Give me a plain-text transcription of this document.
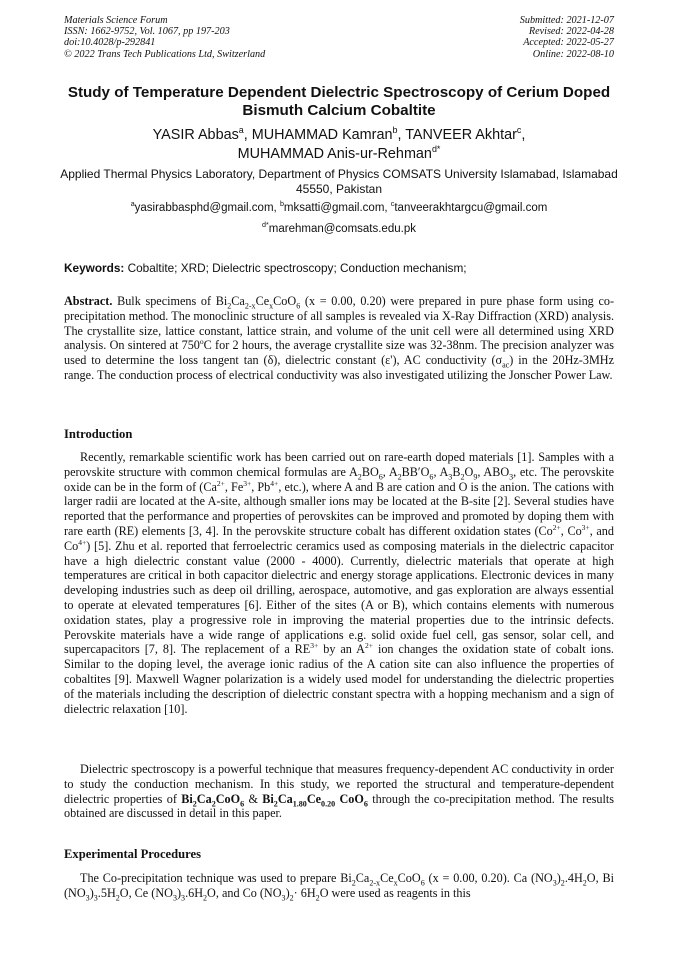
Materials Science Forum
ISSN: 1662-9752, Vol. 1067, pp 197-203
doi:10.4028/p-292841
© 2022 Trans Tech Publications Ltd, Switzerland
Submitted: 2021-12-07
Revised: 2022-04-28
Accepted: 2022-05-27
Online: 2022-08-10
Study of Temperature Dependent Dielectric Spectroscopy of Cerium Doped Bismuth Calcium Cobaltite
YASIR Abbas$^a$, MUHAMMAD Kamran$^b$, TANVEER Akhtar$^c$,
MUHAMMAD Anis-ur-Rehman$^{d*}$
Applied Thermal Physics Laboratory, Department of Physics COMSATS University Islamabad, Islamabad 45550, Pakistan
$^a$yasirabbasphd@gmail.com, $^b$mksatti@gmail.com, $^c$tanveerakhtargcu@gmail.com
$^{d*}$marehman@comsats.edu.pk
Keywords: Cobaltite; XRD; Dielectric spectroscopy; Conduction mechanism;
Abstract. Bulk specimens of $Bi_2Ca_{2-x}Ce_xCoO_6$ (x = 0.00, 0.20) were prepared in pure phase form using co-precipitation method. The monoclinic structure of all samples is revealed via X-Ray Diffraction (XRD) analysis. The crystallite size, lattice constant, lattice strain, and volume of the unit cell were all determined using XRD analysis. On sintered at 750$^o$C for 2 hours, the average crystallite size was 32-38nm. The precision analyzer was used to determine the loss tangent tan (δ), dielectric constant (ε'), AC conductivity $(\sigma_{ac})$ in the 20Hz-3MHz range. The conduction process of electrical conductivity was also investigated utilizing the Jonscher Power Law.
Introduction
Recently, remarkable scientific work has been carried out on rare-earth doped materials [1]. Samples with a perovskite structure with common chemical formulas are $A_2BO_6$, $A_2BB'O_6$, $A_3B_2O_9$, $ABO_3$, etc. The perovskite oxide can be in the form of ($Ca^{2+}$, $Fe^{3+}$, $Pb^{4+}$, etc.), where A and B are cation and O is the anion. The cations with larger radii are located at the A-site, although smaller ions may be located at the B-site [2]. Several studies have reported that the performance and properties of perovskites can be improved and promoted by doping them with rare earth (RE) elements [3, 4]. In the perovskite structure cobalt has different oxidation states ($Co^{2+}$, $Co^{3+}$, and $Co^{4+}$) [5]. Zhu et al. reported that ferroelectric ceramics used as composing materials in the dielectric capacitor have a high dielectric constant value (2000 - 4000). Currently, dielectric materials that operate at high temperatures are critical in both capacitor dielectric and energy storage applications. Electronic devices in many developing industries such as deep oil drilling, aerospace, automotive, and gas exploration are always essential to operate at elevated temperatures [6]. Either of the sites (A or B), which contains elements with numerous oxidation states, play a progressive role in improving the material properties due to the intrinsic defects. Perovskite materials have a wide range of applications e.g. solid oxide fuel cell, gas sensor, solar cell, and supercapacitors [7, 8]. The replacement of a $RE^{3+}$ by an $A^{2+}$ ion changes the oxidation state of cobalt ions. Similar to the doping level, the average ionic radius of the A cation site can also influence the properties of cobaltites [9]. Maxwell Wagner polarization is a widely used model for understanding the dielectric properties of the materials including the description of dielectric constant spectra with a hopping mechanism and a sign of dielectric relaxation [10].
Dielectric spectroscopy is a powerful technique that measures frequency-dependent AC conductivity in order to study the conduction mechanism. In this study, we reported the structural and temperature-dependent dielectric properties of $Bi_2Ca_2CoO_6$ & $Bi_2Ca_{1.80}Ce_{0.20}$ CoO$_6$ through the co-precipitation method. The results obtained are discussed in detail in this paper.
Experimental Procedures
The Co-precipitation technique was used to prepare $Bi_2Ca_{2-x}Ce_xCoO_6$ (x = 0.00, 0.20). Ca $(NO_3)_2.4H_2O$, Bi $(NO_3)_3.5H_2O$, Ce $(NO_3)_3.6H_2O$, and Co $(NO_3)_2\cdot 6H_2O$ were used as reagents in this
